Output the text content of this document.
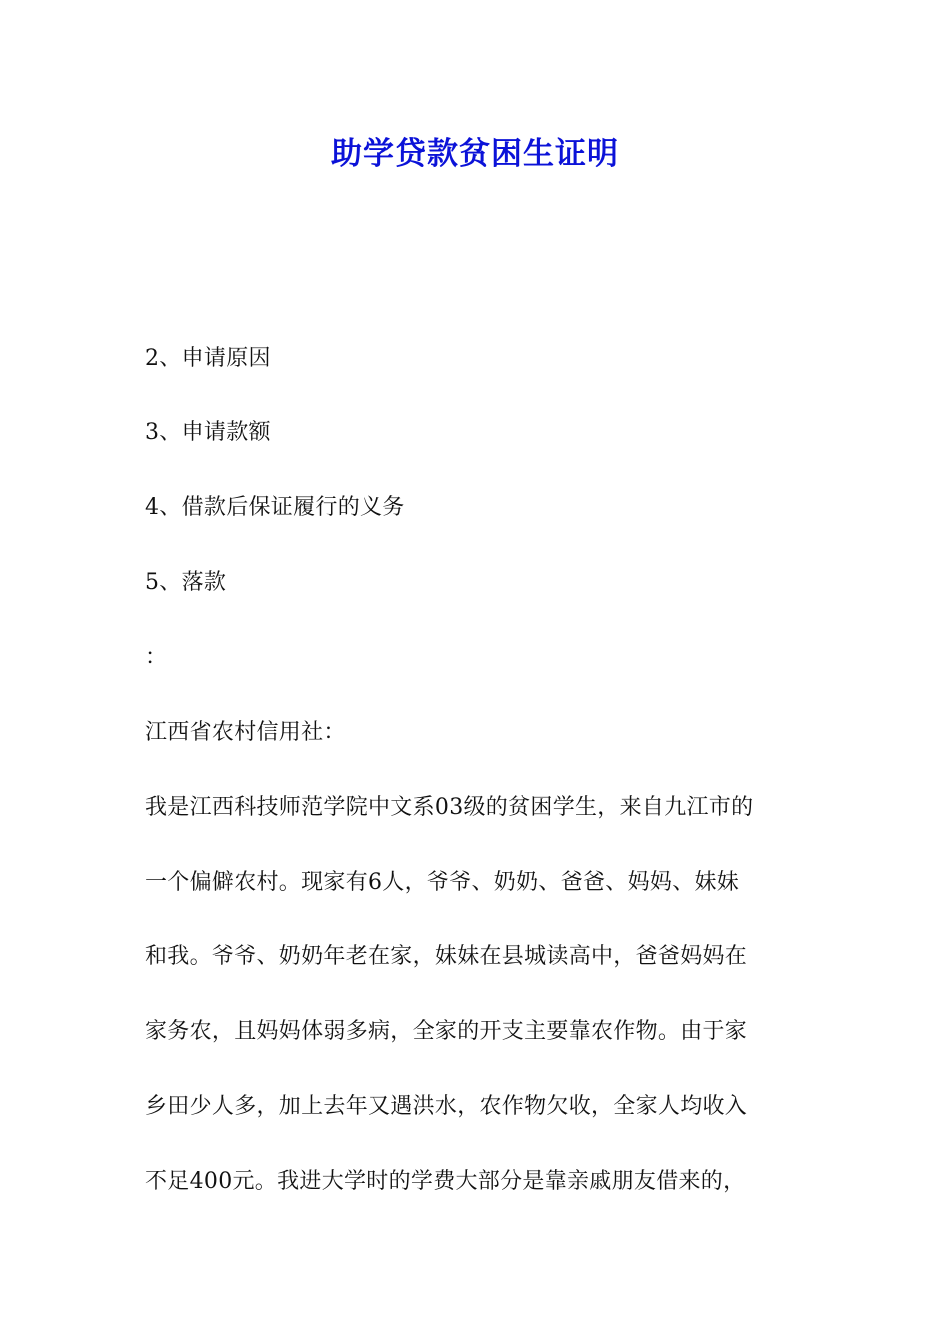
助学贷款贫困生证明
2、申请原因
3、申请款额
4、借款后保证履行的义务
5、落款
：
江西省农村信用社：
我是江西科技师范学院中文系03级的贫困学生，来自九江市的
一个偏僻农村。现家有6人，爷爷、奶奶、爸爸、妈妈、妹妹
和我。爷爷、奶奶年老在家，妹妹在县城读高中，爸爸妈妈在
家务农，且妈妈体弱多病，全家的开支主要靠农作物。由于家
乡田少人多，加上去年又遇洪水，农作物欠收，全家人均收入
不足400元。我进大学时的学费大部分是靠亲戚朋友借来的，
